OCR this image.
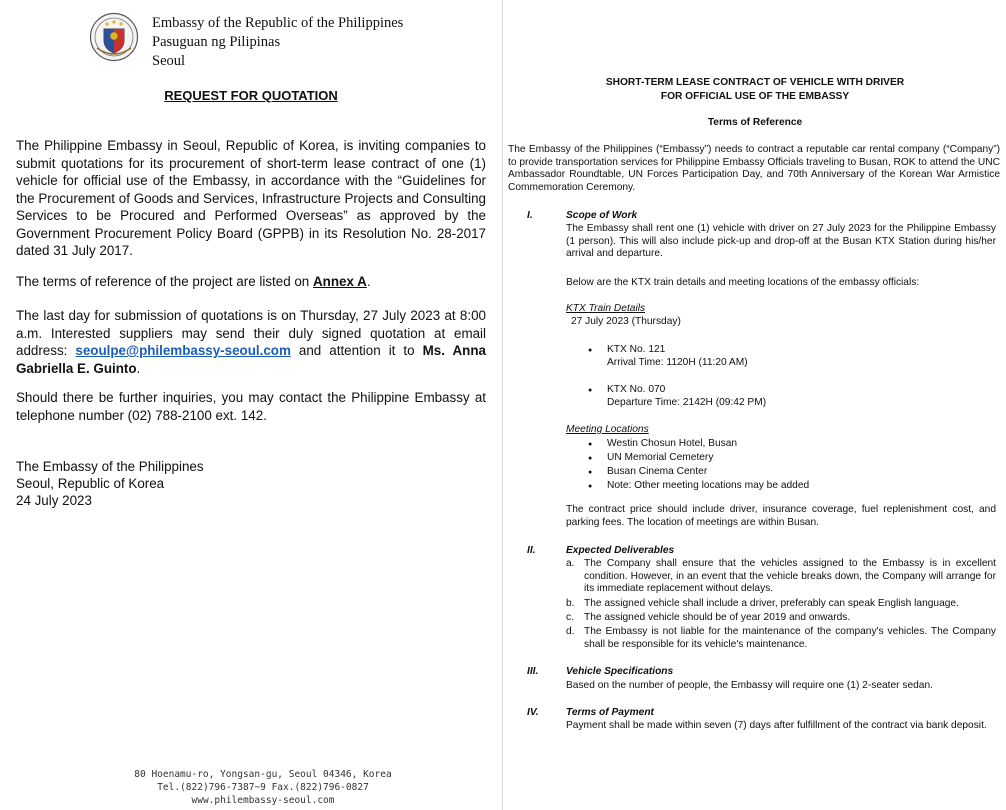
Embassy of the Republic of the Philippines
Pasuguan ng Pilipinas
Seoul
REQUEST FOR QUOTATION

The Philippine Embassy in Seoul, Republic of Korea, is inviting companies to submit quotations for its procurement of short-term lease contract of one (1) vehicle for official use of the Embassy, in accordance with the “Guidelines for the Procurement of Goods and Services, Infrastructure Projects and Consulting Services to be Procured and Performed Overseas” as approved by the Government Procurement Policy Board (GPPB) in its Resolution No. 28-2017 dated 31 July 2017.

The terms of reference of the project are listed on Annex A.

The last day for submission of quotations is on Thursday, 27 July 2023 at 8:00 a.m. Interested suppliers may send their duly signed quotation at email address: seoulpe@philembassy-seoul.com and attention it to Ms. Anna Gabriella E. Guinto.

Should there be further inquiries, you may contact the Philippine Embassy at telephone number (02) 788-2100 ext. 142.

The Embassy of the Philippines
Seoul, Republic of Korea
24 July 2023
80 Hoenamu-ro, Yongsan-gu, Seoul 04346, Korea
Tel.(822)796-7387~9 Fax.(822)796-0827
www.philembassy-seoul.com
SHORT-TERM LEASE CONTRACT OF VEHICLE WITH DRIVER
FOR OFFICIAL USE OF THE EMBASSY
Terms of Reference

The Embassy of the Philippines (“Embassy”) needs to contract a reputable car rental company (“Company”) to provide transportation services for Philippine Embassy Officials traveling to Busan, ROK to attend the UNC Ambassador Roundtable, UN Forces Participation Day, and 70th Anniversary of the Korean War Armistice Commemoration Ceremony.

I.	Scope of Work

The Embassy shall rent one (1) vehicle with driver on 27 July 2023 for the Philippine Embassy (1 person). This will also include pick-up and drop-off at the Busan KTX Station during his/her arrival and departure.

Below are the KTX train details and meeting locations of the embassy officials:
KTX Train Details
27 July 2023 (Thursday)
● KTX No. 121
Arrival Time: 1120H (11:20 AM)
● KTX No. 070
Departure Time: 2142H (09:42 PM)
Meeting Locations
● Westin Chosun Hotel, Busan
● UN Memorial Cemetery
● Busan Cinema Center
● Note: Other meeting locations may be added

The contract price should include driver, insurance coverage, fuel replenishment cost, and parking fees. The location of meetings are within Busan.

II.	Expected Deliverables
a. The Company shall ensure that the vehicles assigned to the Embassy is in excellent condition. However, in an event that the vehicle breaks down, the Company will arrange for its immediate replacement without delays.
b. The assigned vehicle shall include a driver, preferably can speak English language.
c. The assigned vehicle should be of year 2019 and onwards.
d. The Embassy is not liable for the maintenance of the company's vehicles. The Company shall be responsible for its vehicle's maintenance.
III.	Vehicle Specifications
Based on the number of people, the Embassy will require one (1) 2-seater sedan.
IV.	Terms of Payment

Payment shall be made within seven (7) days after fulfillment of the contract via bank deposit.
